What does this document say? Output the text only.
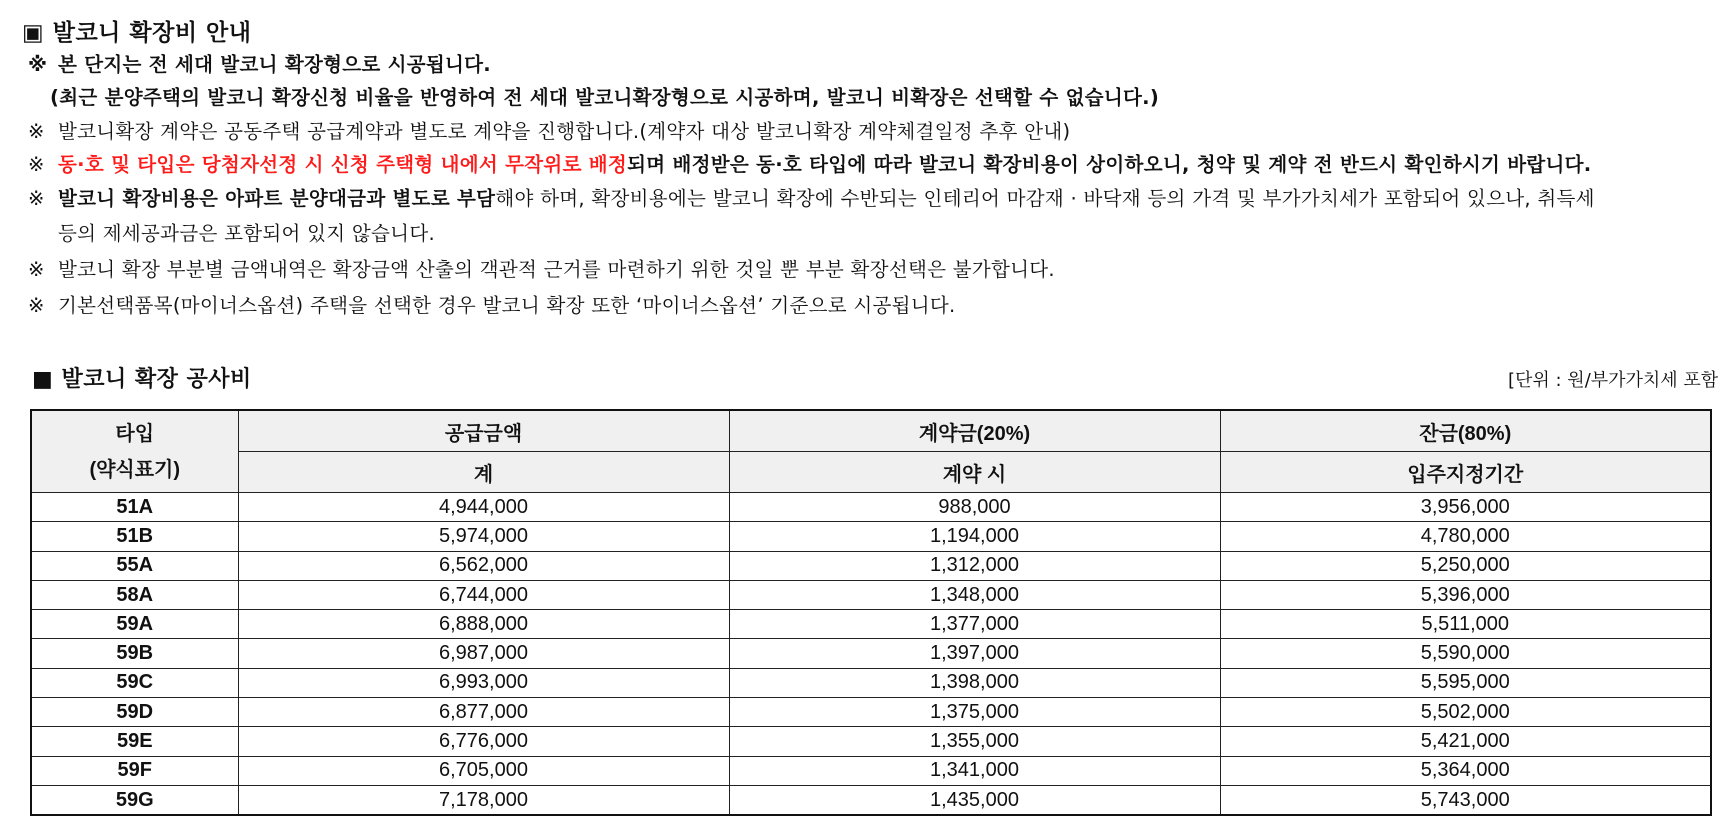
▣ 발코니 확장비 안내
※ 본 단지는 전 세대 발코니 확장형으로 시공됩니다.
(최근 분양주택의 발코니 확장신청 비율을 반영하여 전 세대 발코니확장형으로 시공하며, 발코니 비확장은 선택할 수 없습니다.)
※ 발코니확장 계약은 공동주택 공급계약과 별도로 계약을 진행합니다.(계약자 대상 발코니확장 계약체결일정 추후 안내)
※ 동·호 및 타입은 당첨자선정 시 신청 주택형 내에서 무작위로 배정되며 배정받은 동·호 타입에 따라 발코니 확장비용이 상이하오니, 청약 및 계약 전 반드시 확인하시기 바랍니다.
※ 발코니 확장비용은 아파트 분양대금과 별도로 부담해야 하며, 확장비용에는 발코니 확장에 수반되는 인테리어 마감재 · 바닥재 등의 가격 및 부가가치세가 포함되어 있으나, 취득세
등의 제세공과금은 포함되어 있지 않습니다.
※ 발코니 확장 부분별 금액내역은 확장금액 산출의 객관적 근거를 마련하기 위한 것일 뿐 부분 확장선택은 불가합니다.
※ 기본선택품목(마이너스옵션) 주택을 선택한 경우 발코니 확장 또한 ‘마이너스옵션’ 기준으로 시공됩니다.
■ 발코니 확장 공사비	[단위 : 원/부가가치세 포함
타입
(약식표기)	공급금액	계약금(20%)	잔금(80%)
	계	계약 시	입주지정기간
51A	4,944,000	988,000	3,956,000
51B	5,974,000	1,194,000	4,780,000
55A	6,562,000	1,312,000	5,250,000
58A	6,744,000	1,348,000	5,396,000
59A	6,888,000	1,377,000	5,511,000
59B	6,987,000	1,397,000	5,590,000
59C	6,993,000	1,398,000	5,595,000
59D	6,877,000	1,375,000	5,502,000
59E	6,776,000	1,355,000	5,421,000
59F	6,705,000	1,341,000	5,364,000
59G	7,178,000	1,435,000	5,743,000
